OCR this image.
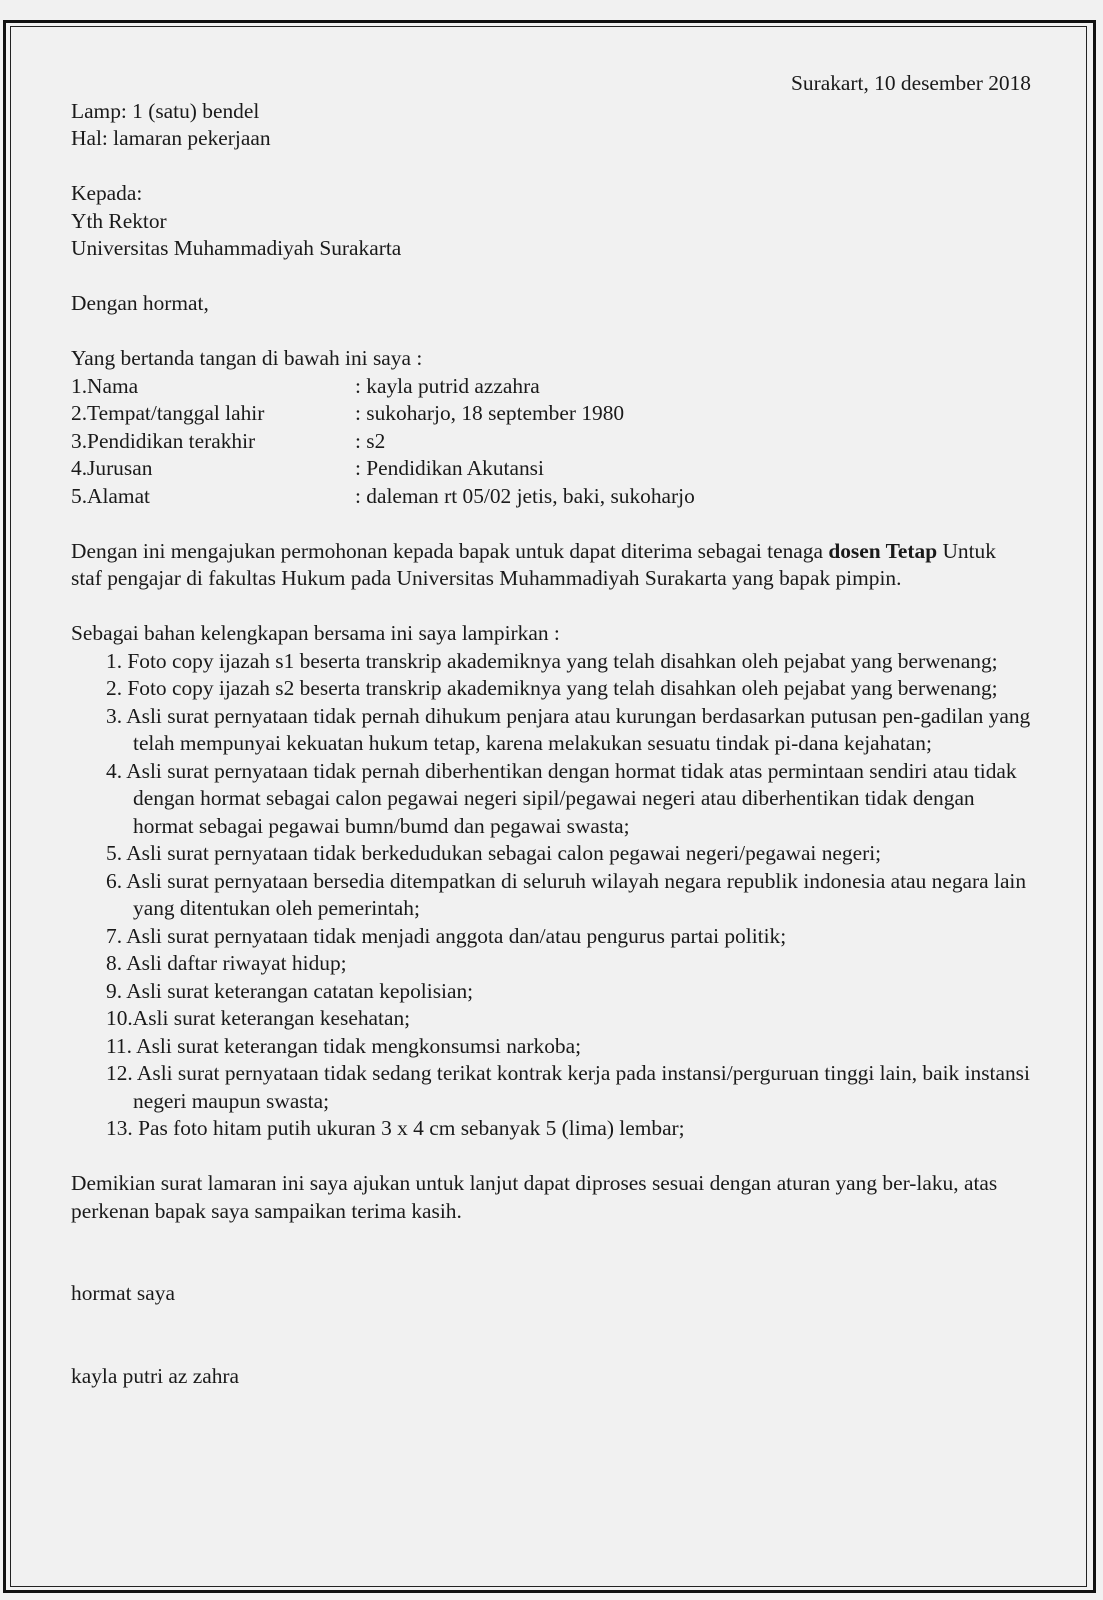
Surakart, 10 desember 2018
Lamp: 1 (satu) bendel
Hal: lamaran pekerjaan
Kepada:
Yth Rektor
Universitas Muhammadiyah Surakarta
Dengan hormat,
Yang bertanda tangan di bawah ini saya :
1.Nama	: kayla putrid azzahra
2.Tempat/tanggal lahir	: sukoharjo, 18 september 1980
3.Pendidikan terakhir	: s2
4.Jurusan	: Pendidikan Akutansi
5.Alamat	: daleman rt 05/02 jetis, baki, sukoharjo
Dengan ini mengajukan permohonan kepada bapak untuk dapat diterima sebagai tenaga dosen Tetap Untuk staf pengajar di fakultas Hukum pada Universitas Muhammadiyah Surakarta yang bapak pimpin.
Sebagai bahan kelengkapan bersama ini saya lampirkan :
1. Foto copy ijazah s1 beserta transkrip akademiknya yang telah disahkan oleh pejabat yang berwenang;
2. Foto copy ijazah s2 beserta transkrip akademiknya yang telah disahkan oleh pejabat yang berwenang;
3. Asli surat pernyataan tidak pernah dihukum penjara atau kurungan berdasarkan putusan pen-gadilan yang telah mempunyai kekuatan hukum tetap, karena melakukan sesuatu tindak pi-dana kejahatan;
4. Asli surat pernyataan tidak pernah diberhentikan dengan hormat tidak atas permintaan sendiri atau tidak dengan hormat sebagai calon pegawai negeri sipil/pegawai negeri atau diberhentikan tidak dengan hormat sebagai pegawai bumn/bumd dan pegawai swasta;
5. Asli surat pernyataan tidak berkedudukan sebagai calon pegawai negeri/pegawai negeri;
6. Asli surat pernyataan bersedia ditempatkan di seluruh wilayah negara republik indonesia atau negara lain yang ditentukan oleh pemerintah;
7. Asli surat pernyataan tidak menjadi anggota dan/atau pengurus partai politik;
8. Asli daftar riwayat hidup;
9. Asli surat keterangan catatan kepolisian;
10.Asli surat keterangan kesehatan;
11. Asli surat keterangan tidak mengkonsumsi narkoba;
12. Asli surat pernyataan tidak sedang terikat kontrak kerja pada instansi/perguruan tinggi lain, baik instansi negeri maupun swasta;
13. Pas foto hitam putih ukuran 3 x 4 cm sebanyak 5 (lima) lembar;
Demikian surat lamaran ini saya ajukan untuk lanjut dapat diproses sesuai dengan aturan yang ber-laku, atas perkenan bapak saya sampaikan terima kasih.
hormat saya
kayla putri az zahra
